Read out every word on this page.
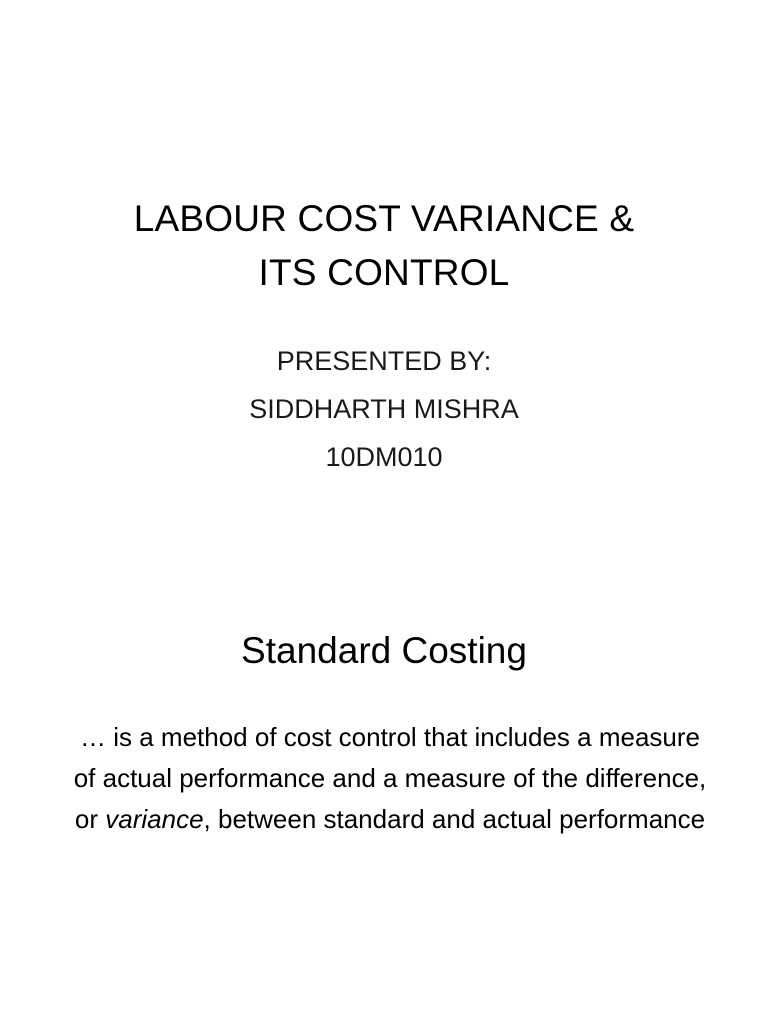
LABOUR COST VARIANCE &
ITS CONTROL
PRESENTED BY:
SIDDHARTH MISHRA
10DM010
Standard Costing
… is a method of cost control that includes a measure of actual performance and a measure of the difference, or variance, between standard and actual performance
